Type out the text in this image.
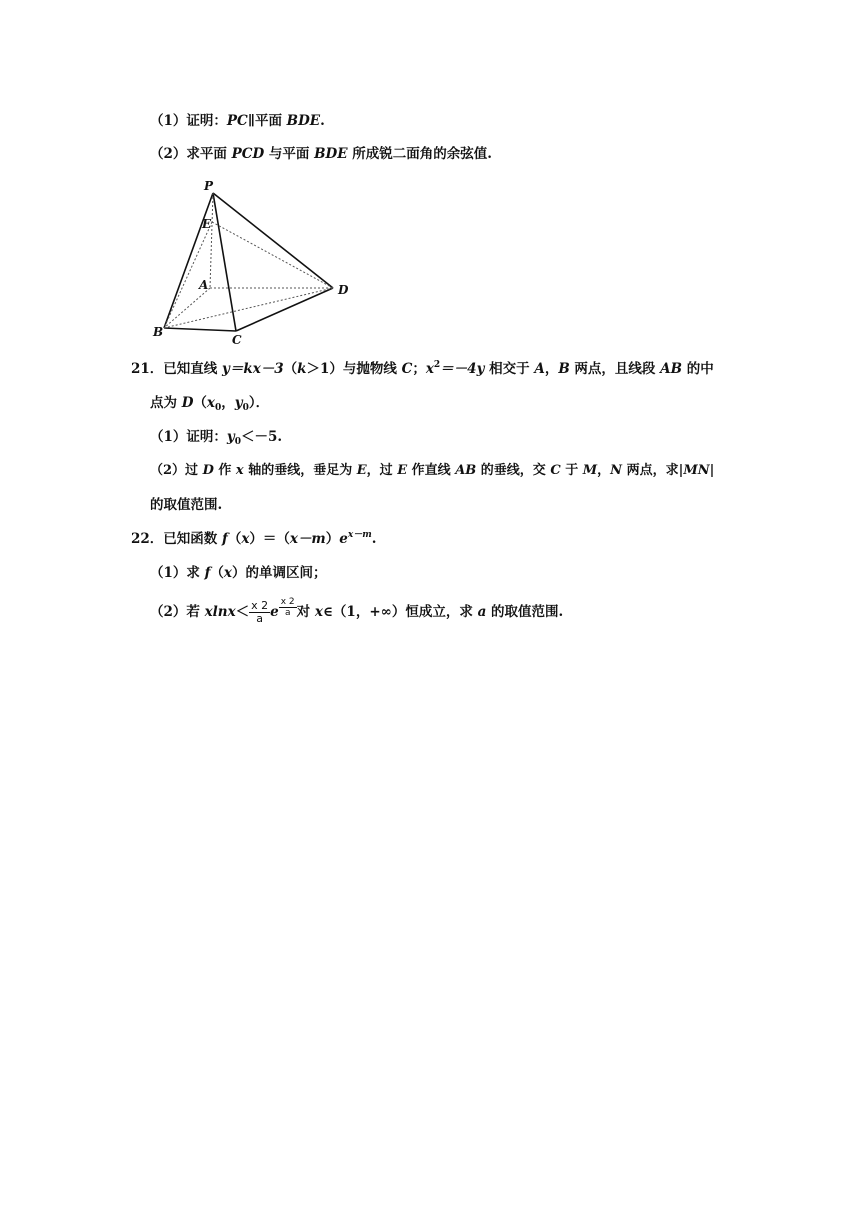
（1）证明：PC∥平面 BDE.
（2）求平面 PCD 与平面 BDE 所成锐二面角的余弦值.
P
E
A	D
B
C
21．已知直线 y＝kx－3（k＞1）与抛物线 C；$x^2=-4y$ 相交于 A，B 两点，且线段 AB 的中
点为 $D(x_0$，$y_0$）．
（1）证明：$y_0<-5$.
（2）过 D 作 x 轴的垂线，垂足为 E，过 E 作直线 AB 的垂线，交 C 于 M，N 两点，求|MN|
的取值范围.
22．已知函数 $f(x)=(x-m)e^{x-m}$.
（1）求 f（x）的单调区间；
（2）若 $xlnx< \frac{x 2}{a}$ e $\frac{x 2}{a}$ 对 x∈（1，+∞）恒成立，求 a 的取值范围.
